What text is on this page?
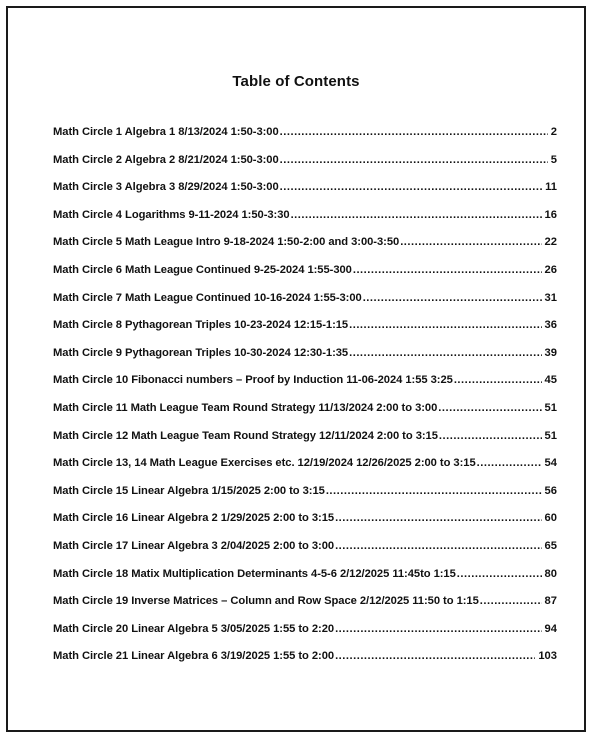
Table of Contents
Math Circle 1 Algebra 1 8/13/2024 1:50-3:00 .....	2
Math Circle 2 Algebra 2 8/21/2024 1:50-3:00 .....	5
Math Circle 3 Algebra 3 8/29/2024 1:50-3:00 .....	11
Math Circle 4 Logarithms 9-11-2024 1:50-3:30 .....	16
Math Circle 5 Math League Intro 9-18-2024 1:50-2:00 and 3:00-3:50 .....	22
Math Circle 6 Math League Continued 9-25-2024 1:55-300 .....	26
Math Circle 7 Math League Continued 10-16-2024 1:55-3:00 .....	31
Math Circle 8 Pythagorean Triples 10-23-2024 12:15-1:15 .....	36
Math Circle 9 Pythagorean Triples 10-30-2024 12:30-1:35 .....	39
Math Circle 10 Fibonacci numbers – Proof by Induction 11-06-2024 1:55 3:25 .....	45
Math Circle 11 Math League Team Round Strategy 11/13/2024 2:00 to 3:00 .....	51
Math Circle 12 Math League Team Round Strategy 12/11/2024 2:00 to 3:15 .....	51
Math Circle 13, 14 Math League Exercises etc. 12/19/2024 12/26/2025 2:00 to 3:15 .....	54
Math Circle 15 Linear Algebra 1/15/2025 2:00 to 3:15 .....	56
Math Circle 16 Linear Algebra 2 1/29/2025 2:00 to 3:15 .....	60
Math Circle 17 Linear Algebra 3 2/04/2025 2:00 to 3:00 .....	65
Math Circle 18 Matix Multiplication Determinants 4-5-6 2/12/2025 11:45to 1:15 .....	80
Math Circle 19 Inverse Matrices – Column and Row Space 2/12/2025 11:50 to 1:15 .....	87
Math Circle 20 Linear Algebra 5 3/05/2025 1:55 to 2:20 .....	94
Math Circle 21 Linear Algebra 6 3/19/2025 1:55 to 2:00 .....	103
